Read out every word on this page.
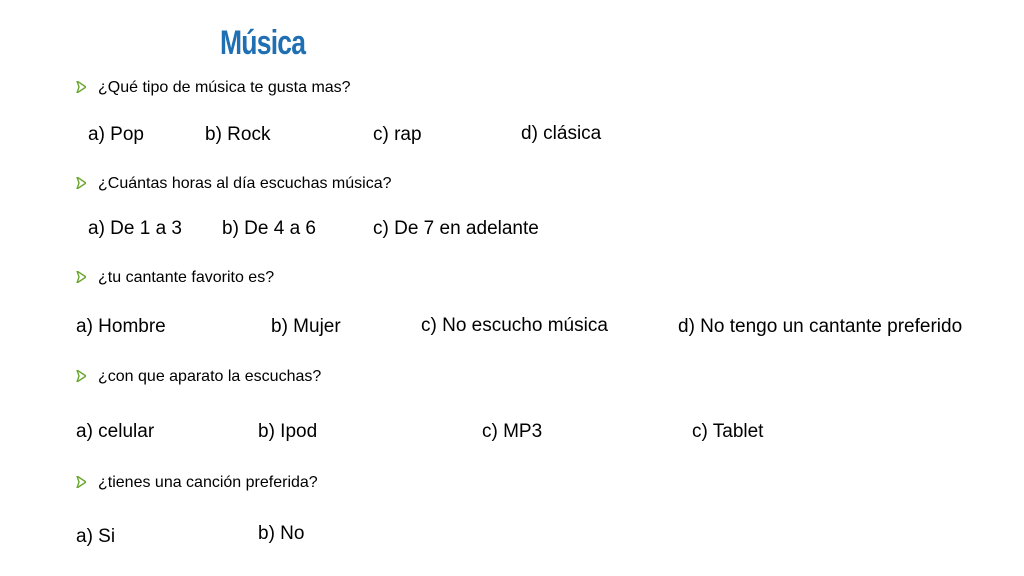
Música
¿Qué tipo de música te gusta mas?
a) Pop	b) Rock	c) rap	d) clásica
¿Cuántas horas al día escuchas música?
a) De 1 a 3 b) De 4 a 6	c) De 7 en adelante
¿tu cantante favorito es?
a) Hombre	b) Mujer	c) No escucho música	d) No tengo un cantante preferido
¿con que aparato la escuchas?
a) celular	b) Ipod	c) MP3	c) Tablet
¿tienes una canción preferida?
a) Si	b) No
